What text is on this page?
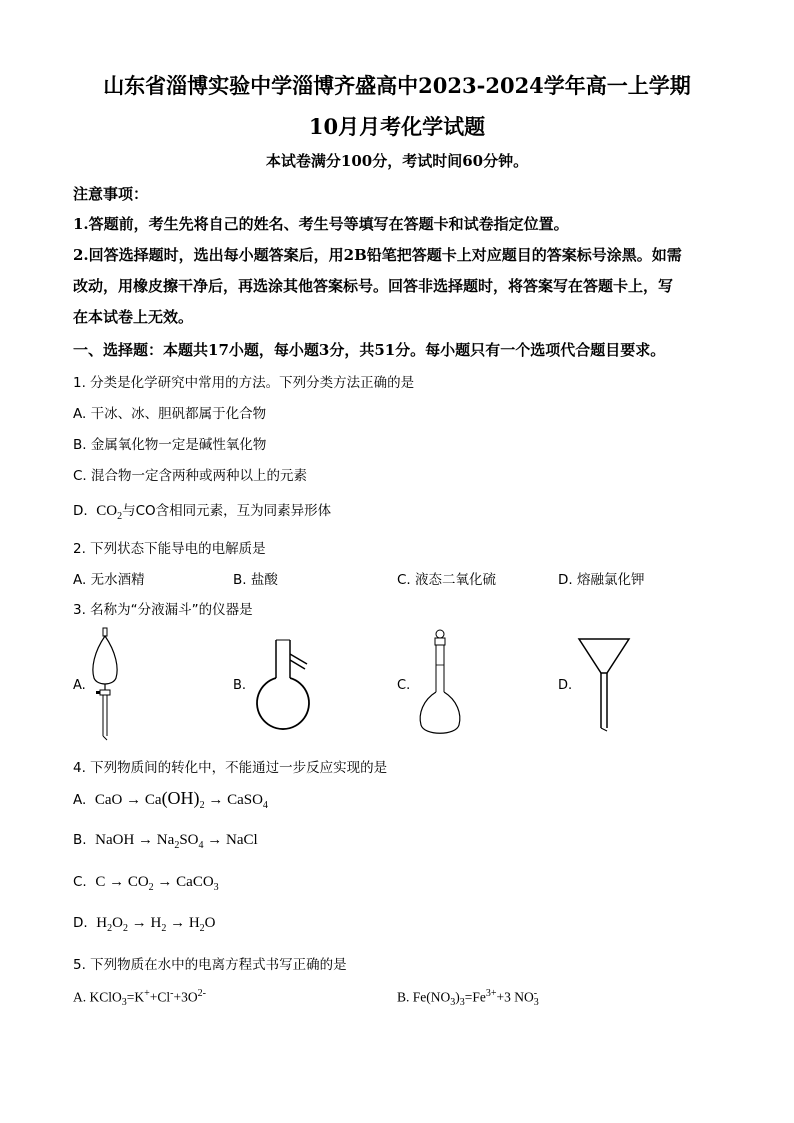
山东省淄博实验中学淄博齐盛高中2023-2024学年高一上学期
10月月考化学试题
本试卷满分100分，考试时间60分钟。
注意事项：
1.答题前，考生先将自己的姓名、考生号等填写在答题卡和试卷指定位置。
2.回答选择题时，选出每小题答案后，用2B铅笔把答题卡上对应题目的答案标号涂黑。如需
改动，用橡皮擦干净后，再选涂其他答案标号。回答非选择题时，将答案写在答题卡上，写
在本试卷上无效。
一、选择题：本题共17小题，每小题3分，共51分。每小题只有一个选项代合题目要求。
1. 分类是化学研究中常用的方法。下列分类方法正确的是
A. 干冰、冰、胆矾都属于化合物
B. 金属氧化物一定是碱性氧化物
C. 混合物一定含两种或两种以上的元素
D. $CO_2$与CO含相同元素，互为同素异形体
2. 下列状态下能导电的电解质是
A. 无水酒精	B. 盐酸	C. 液态二氧化硫	D. 熔融氯化钾
3. 名称为“分液漏斗”的仪器是
A.	B.	C.	D.
4. 下列物质间的转化中，不能通过一步反应实现的是
A. CaO → $Ca(OH)_2$ → CaSO$_4$
B. NaOH → $Na_2SO_4$ → NaCl
C. $C \to CO_2$ → CaCO$_3$
D. $H_2O_2 \to H_2 \to H_2O$
5. 下列物质在水中的电离方程式书写正确的是
A. $KClO_3=K^++Cl^-+3O^{2-}$	B. $Fe(NO_3)_3=Fe^{3+}+3$ NO -
3
